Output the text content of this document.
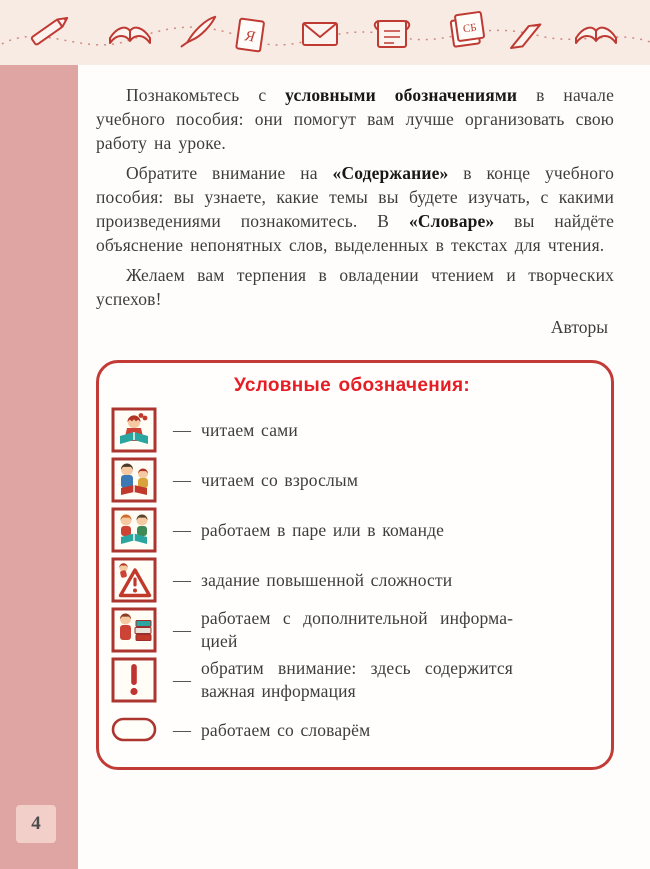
Я	СБ
4

Познакомьтесь с условными обозначениями в начале учебного пособия: они помогут вам лучше организовать свою работу на уроке.

Обратите внимание на «Содержание» в конце учебного пособия: вы узнаете, какие темы вы будете изучать, с какими произведениями познакомитесь. В «Словаре» вы найдёте объяснение непонятных слов, выделенных в текстах для чтения.

Желаем вам терпения в овладении чтением и творческих успехов!

Авторы

Условные обозначения:
— читаем сами
— читаем со взрослым
— работаем в паре или в команде
— задание повышенной сложности
—
работаем с дополнительной информацией
—
обратим внимание: здесь содержится важная информация
— работаем со словарём
